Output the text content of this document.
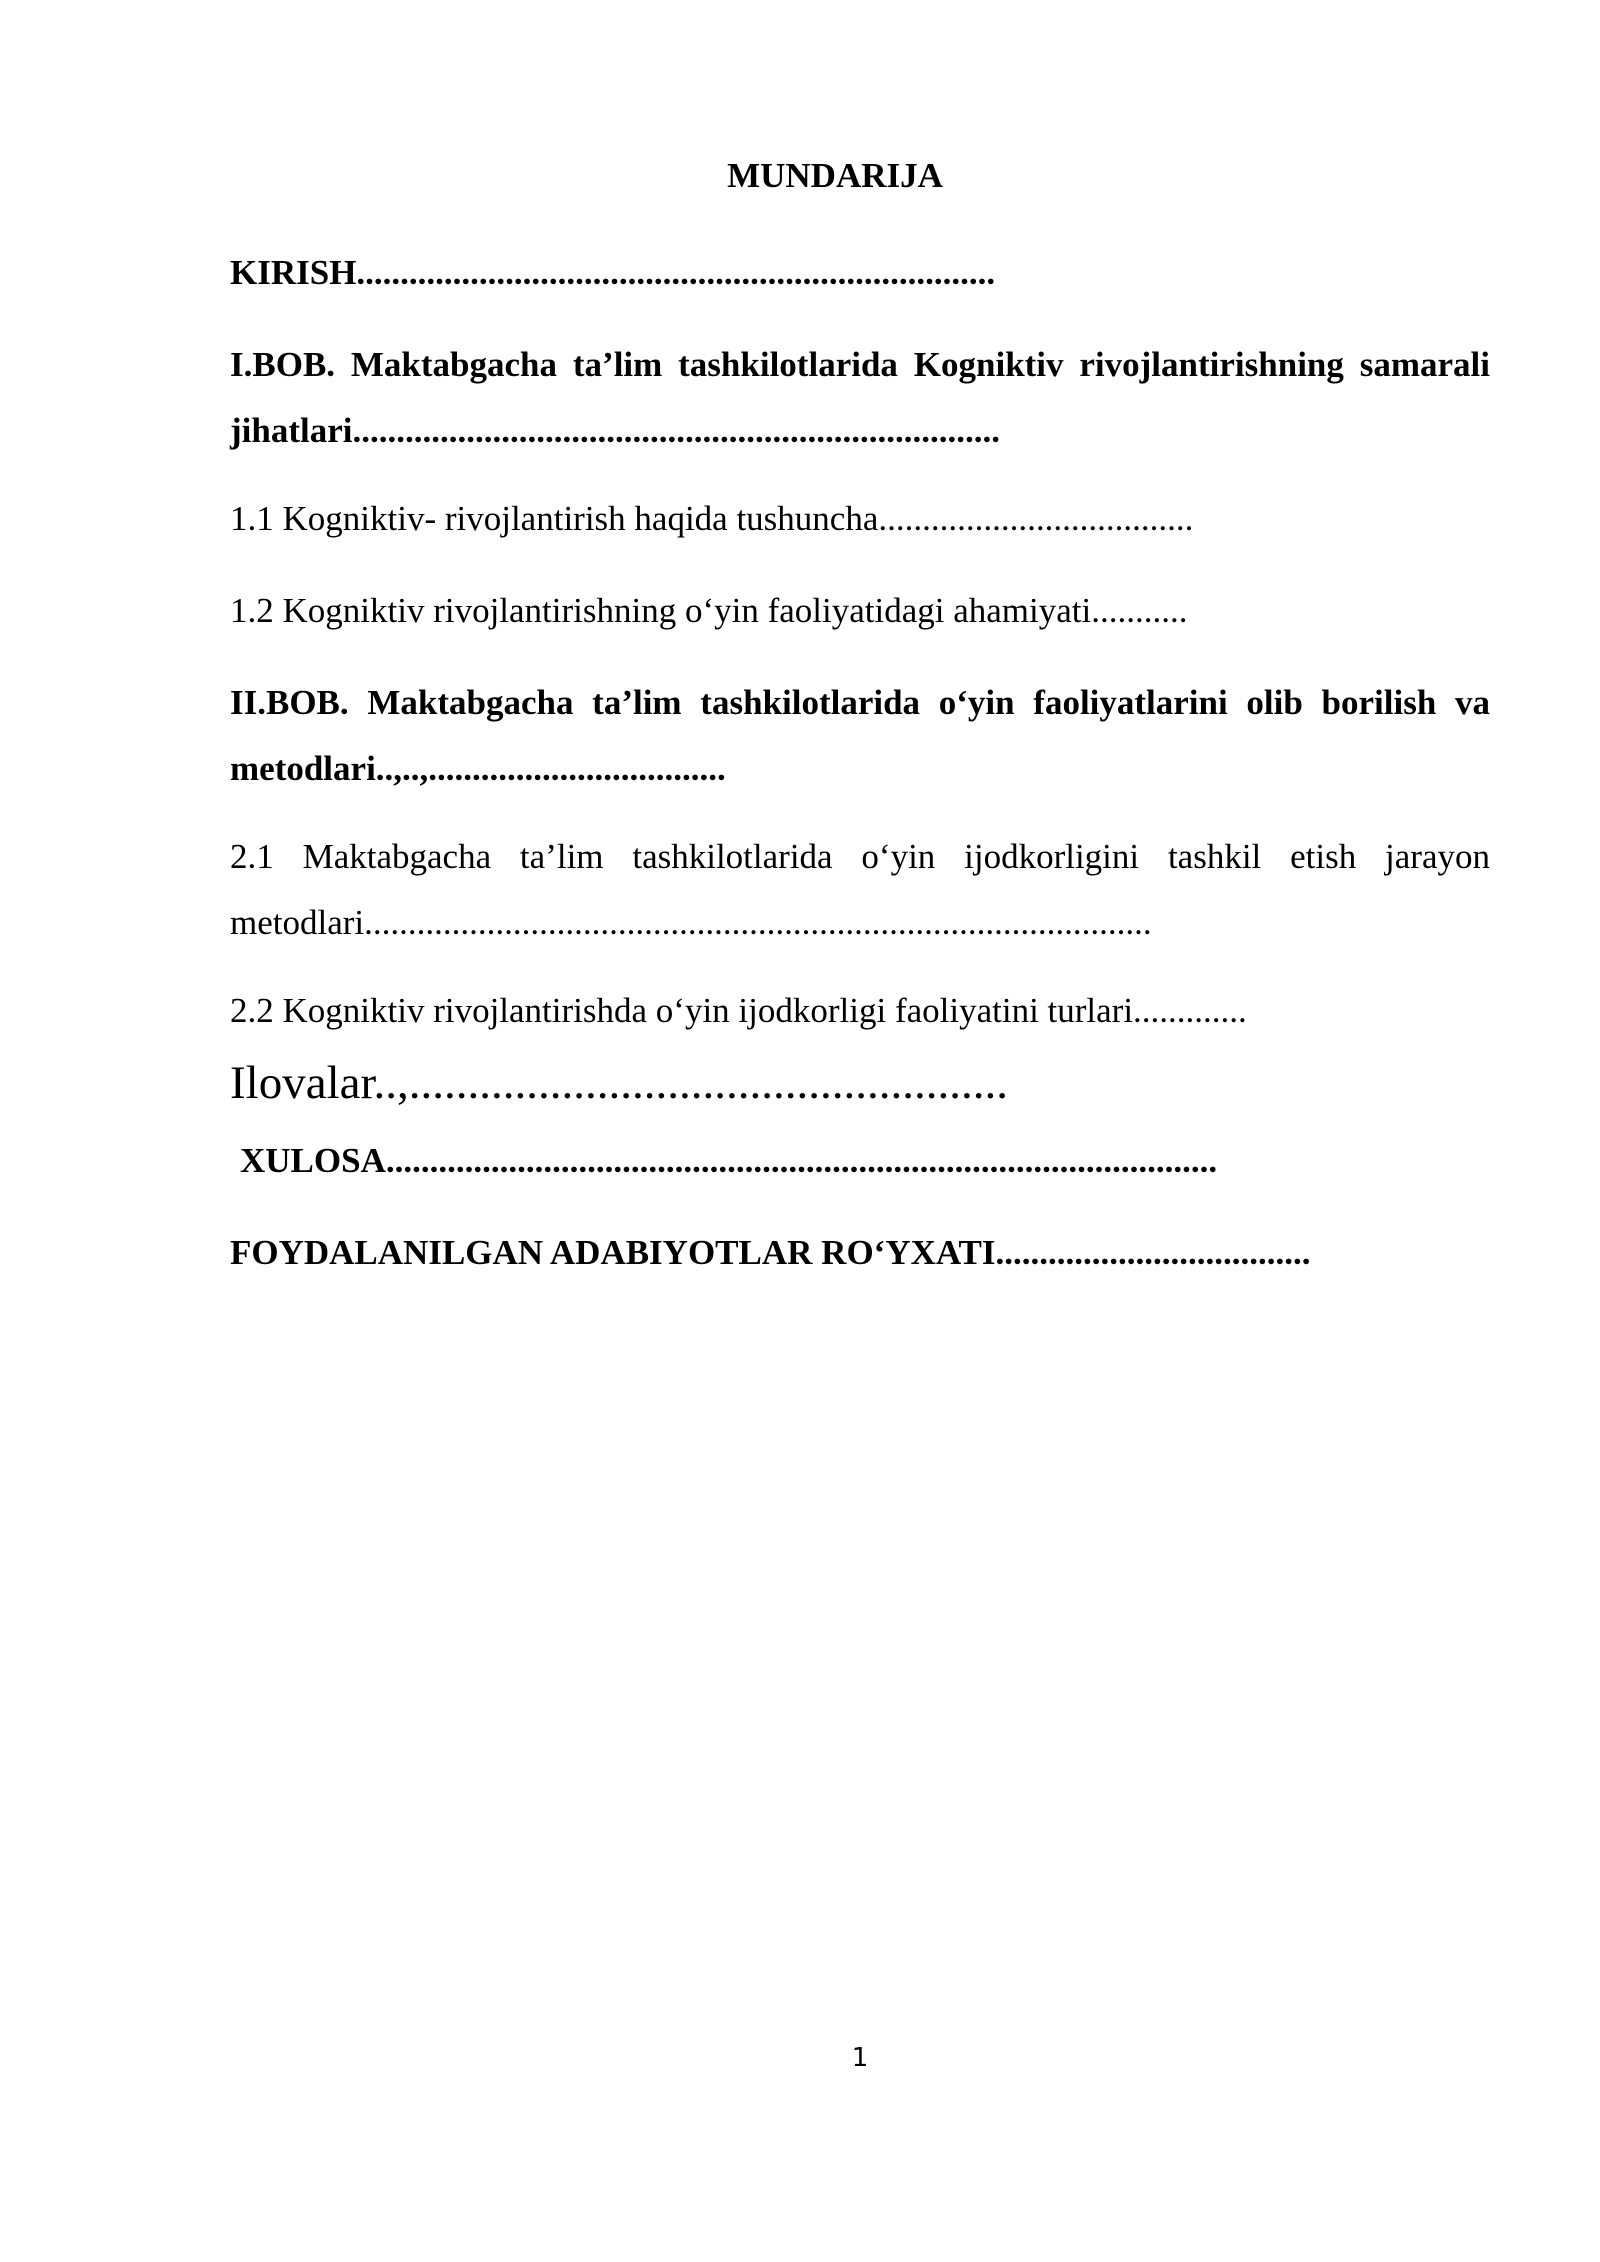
MUNDARIJA

KIRISH.........................................................................

I.BOB. Maktabgacha ta’lim tashkilotlarida Kogniktiv rivojlantirishning samarali jihatlari..........................................................................

1.1 Kogniktiv- rivojlantirish haqida tushuncha....................................

1.2 Kogniktiv rivojlantirishning o‘yin faoliyatidagi ahamiyati...........

II.BOB. Maktabgacha ta’lim tashkilotlarida o‘yin faoliyatlarini olib borilish va metodlari..,..,..................................

2.1 Maktabgacha ta’lim tashkilotlarida o‘yin ijodkorligini tashkil etish jarayon metodlari..........................................................................................

2.2 Kogniktiv rivojlantirishda o‘yin ijodkorligi faoliyatini turlari.............

Ilovalar..,...................................................

XULOSA...............................................................................................

FOYDALANILGAN ADABIYOTLAR RO‘YXATI....................................

1
